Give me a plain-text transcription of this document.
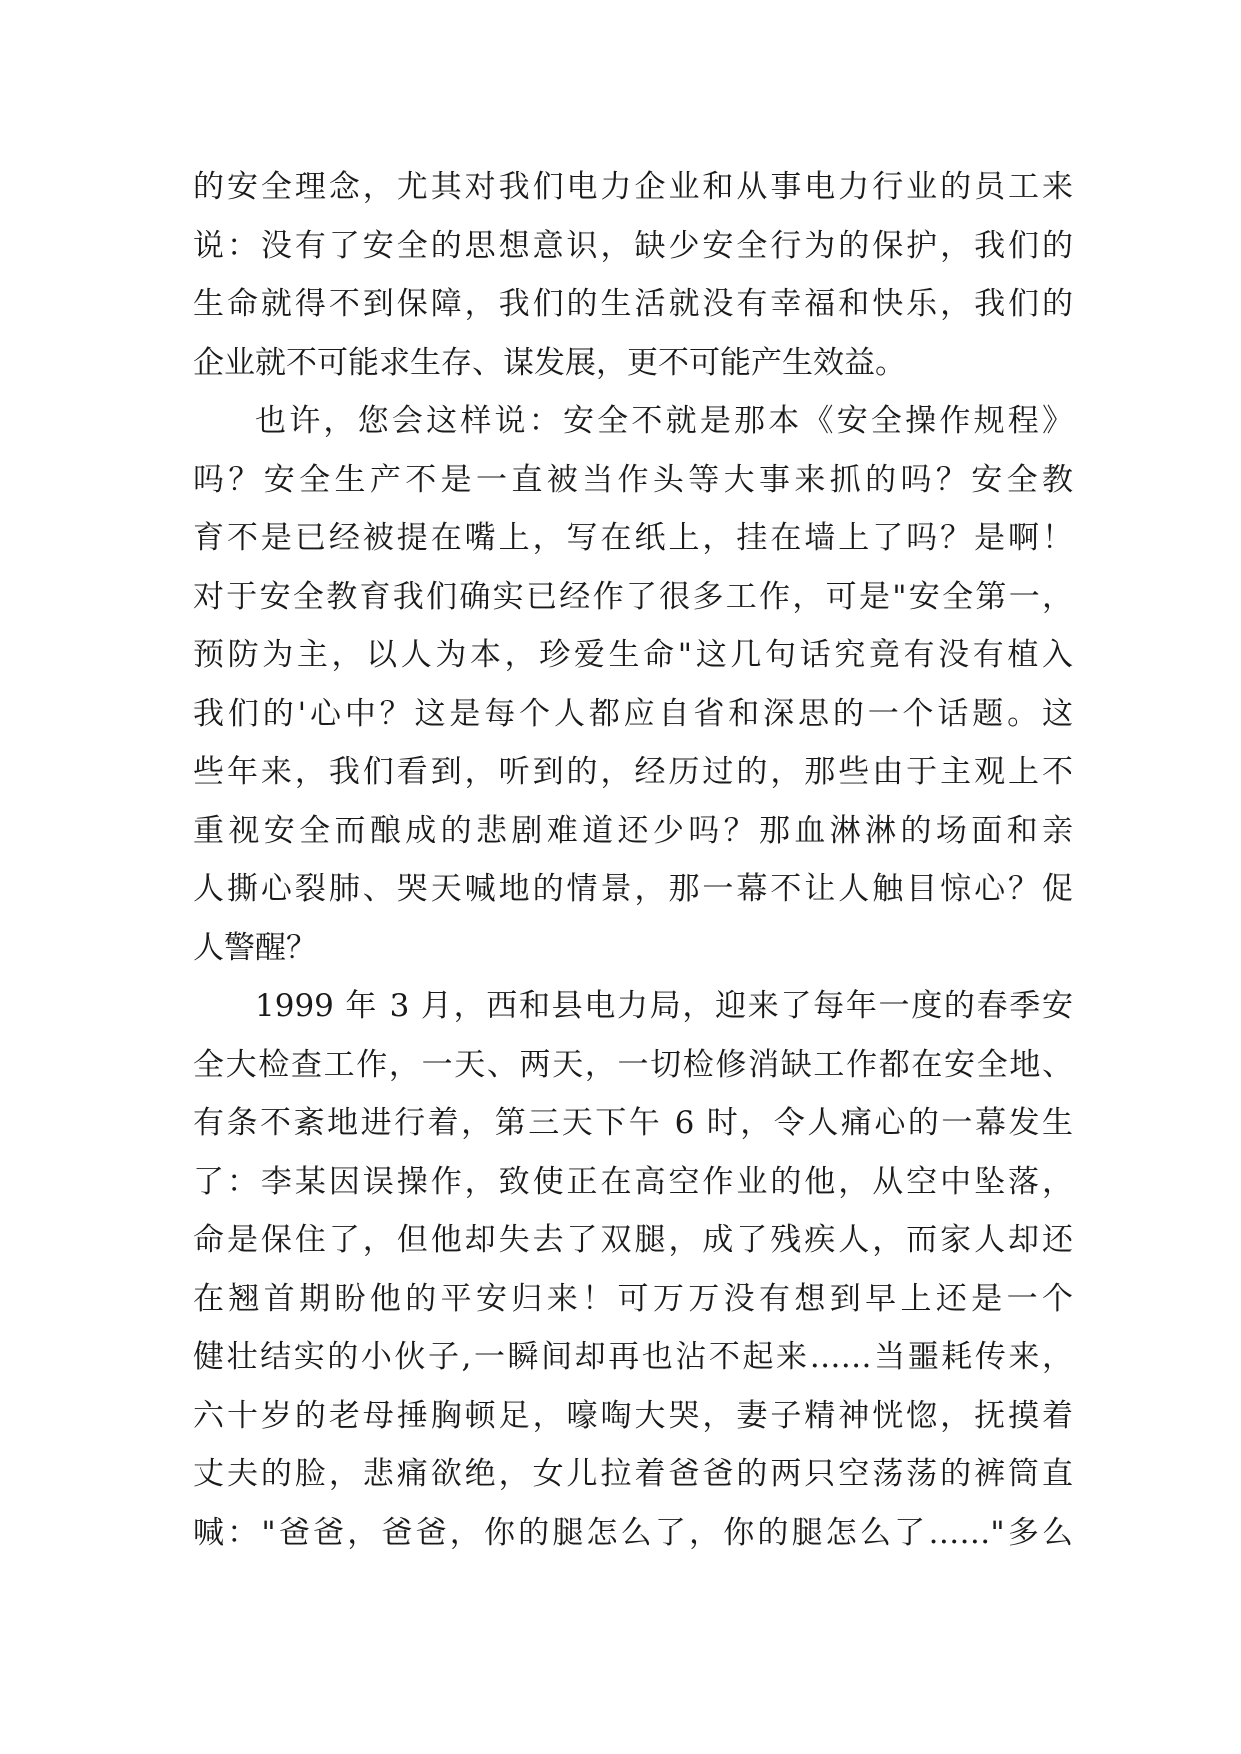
的安全理念，尤其对我们电力企业和从事电力行业的员工来
说：没有了安全的思想意识，缺少安全行为的保护，我们的
生命就得不到保障，我们的生活就没有幸福和快乐，我们的
企业就不可能求生存、谋发展，更不可能产生效益。
也许，您会这样说：安全不就是那本《安全操作规程》
吗？安全生产不是一直被当作头等大事来抓的吗？安全教
育不是已经被提在嘴上，写在纸上，挂在墙上了吗？是啊！
对于安全教育我们确实已经作了很多工作，可是"安全第一，
预防为主，以人为本，珍爱生命"这几句话究竟有没有植入
我们的'心中？这是每个人都应自省和深思的一个话题。这
些年来，我们看到，听到的，经历过的，那些由于主观上不
重视安全而酿成的悲剧难道还少吗？那血淋淋的场面和亲
人撕心裂肺、哭天喊地的情景，那一幕不让人触目惊心？促
人警醒？
1999 年 3 月，西和县电力局，迎来了每年一度的春季安
全大检查工作，一天、两天，一切检修消缺工作都在安全地、
有条不紊地进行着，第三天下午 6 时，令人痛心的一幕发生
了：李某因误操作，致使正在高空作业的他，从空中坠落，
命是保住了，但他却失去了双腿，成了残疾人，而家人却还
在翘首期盼他的平安归来！可万万没有想到早上还是一个
健壮结实的小伙子,一瞬间却再也沾不起来……当噩耗传来，
六十岁的老母捶胸顿足，嚎啕大哭，妻子精神恍惚，抚摸着
丈夫的脸，悲痛欲绝，女儿拉着爸爸的两只空荡荡的裤筒直
喊："爸爸，爸爸，你的腿怎么了，你的腿怎么了……"多么
